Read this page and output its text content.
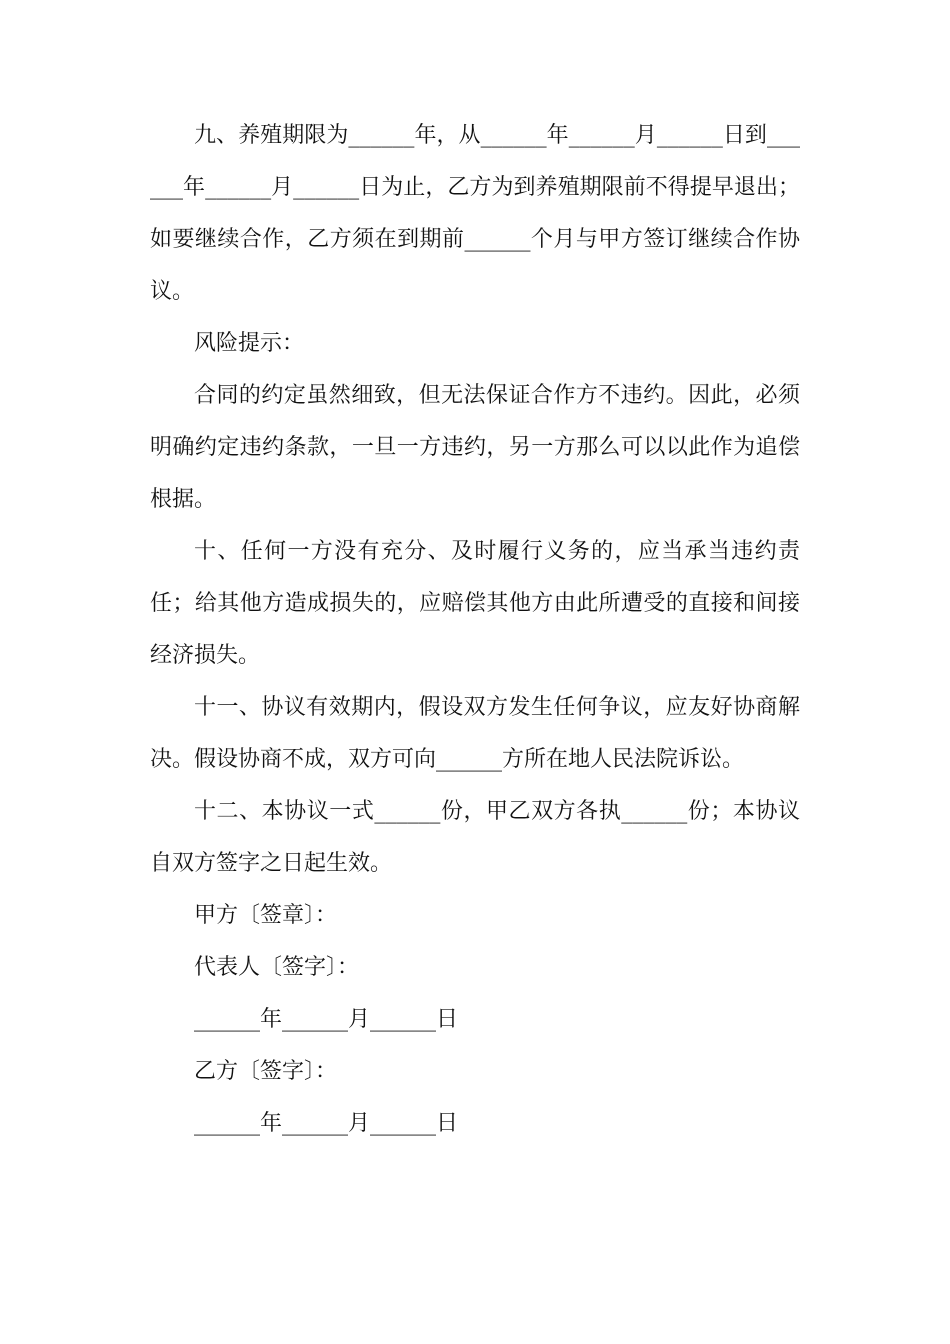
九、养殖期限为______年，从______年______月______日到______年______月______日为止，乙方为到养殖期限前不得提早退出；如要继续合作，乙方须在到期前______个月与甲方签订继续合作协议。

风险提示：

合同的约定虽然细致，但无法保证合作方不违约。因此，必须明确约定违约条款，一旦一方违约，另一方那么可以以此作为追偿根据。

十、任何一方没有充分、及时履行义务的，应当承当违约责任；给其他方造成损失的，应赔偿其他方由此所遭受的直接和间接经济损失。

十一、协议有效期内，假设双方发生任何争议，应友好协商解决。假设协商不成，双方可向______方所在地人民法院诉讼。

十二、本协议一式______份，甲乙双方各执______份；本协议自双方签字之日起生效。

甲方〔签章〕：

代表人〔签字〕：

______年______月______日

乙方〔签字〕：

______年______月______日
